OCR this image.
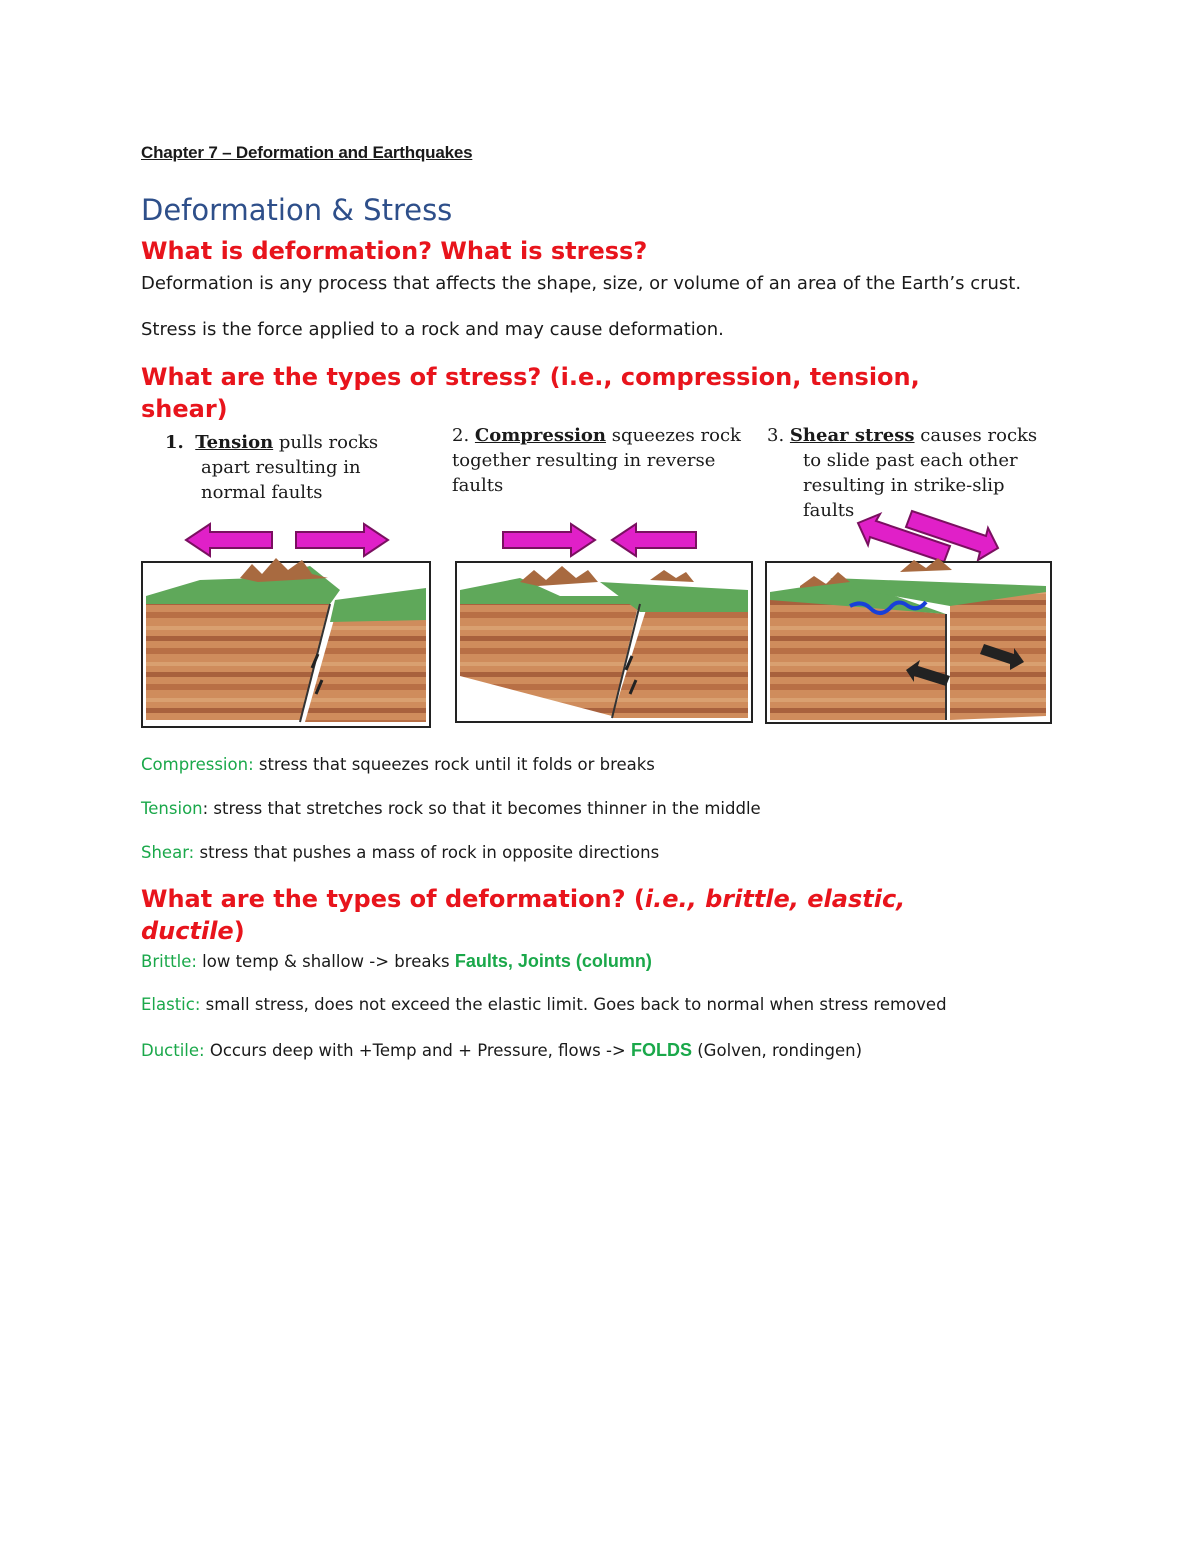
Chapter 7 – Deformation and Earthquakes
Deformation & Stress
What is deformation? What is stress?
Deformation is any process that affects the shape, size, or volume of an area of the Earth’s crust.
Stress is the force applied to a rock and may cause deformation.
What are the types of stress? (i.e., compression, tension,
shear)
1. Tension pulls rocks
apart resulting in
normal faults
2. Compression squeezes rock
together resulting in reverse
faults
3. Shear stress causes rocks
to slide past each other
resulting in strike-slip
faults
Compression: stress that squeezes rock until it folds or breaks
Tension: stress that stretches rock so that it becomes thinner in the middle
Shear: stress that pushes a mass of rock in opposite directions
What are the types of deformation? (i.e., brittle, elastic,
ductile)
Brittle: low temp & shallow -> breaks Faults, Joints (column)
Elastic: small stress, does not exceed the elastic limit. Goes back to normal when stress removed
Ductile: Occurs deep with +Temp and + Pressure, flows -> FOLDS (Golven, rondingen)
